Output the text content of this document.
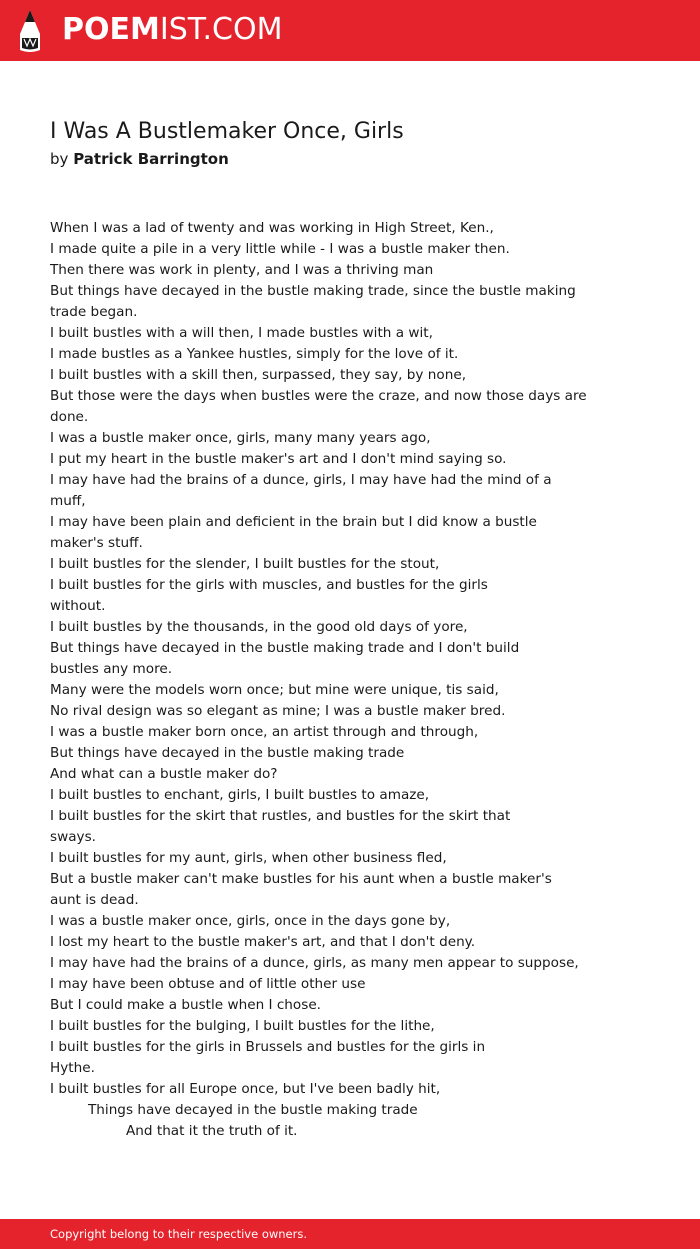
POEMIST.COM
I Was A Bustlemaker Once, Girls
by Patrick Barrington

When I was a lad of twenty and was working in High Street, Ken.,

I made quite a pile in a very little while - I was a bustle maker then.

Then there was work in plenty, and I was a thriving man

But things have decayed in the bustle making trade, since the bustle making

trade began.

I built bustles with a will then, I made bustles with a wit,

I made bustles as a Yankee hustles, simply for the love of it.

I built bustles with a skill then, surpassed, they say, by none,

But those were the days when bustles were the craze, and now those days are

done.

I was a bustle maker once, girls, many many years ago,

I put my heart in the bustle maker's art and I don't mind saying so.

I may have had the brains of a dunce, girls, I may have had the mind of a

muff,

I may have been plain and deficient in the brain but I did know a bustle

maker's stuff.

I built bustles for the slender, I built bustles for the stout,

I built bustles for the girls with muscles, and bustles for the girls

without.

I built bustles by the thousands, in the good old days of yore,

But things have decayed in the bustle making trade and I don't build

bustles any more.

Many were the models worn once; but mine were unique, tis said,

No rival design was so elegant as mine; I was a bustle maker bred.

I was a bustle maker born once, an artist through and through,

But things have decayed in the bustle making trade

And what can a bustle maker do?

I built bustles to enchant, girls, I built bustles to amaze,

I built bustles for the skirt that rustles, and bustles for the skirt that

sways.

I built bustles for my aunt, girls, when other business fled,

But a bustle maker can't make bustles for his aunt when a bustle maker's

aunt is dead.

I was a bustle maker once, girls, once in the days gone by,

I lost my heart to the bustle maker's art, and that I don't deny.

I may have had the brains of a dunce, girls, as many men appear to suppose,

I may have been obtuse and of little other use

But I could make a bustle when I chose.

I built bustles for the bulging, I built bustles for the lithe,

I built bustles for the girls in Brussels and bustles for the girls in

Hythe.

I built bustles for all Europe once, but I've been badly hit,

Things have decayed in the bustle making trade

And that it the truth of it.

Copyright belong to their respective owners.
